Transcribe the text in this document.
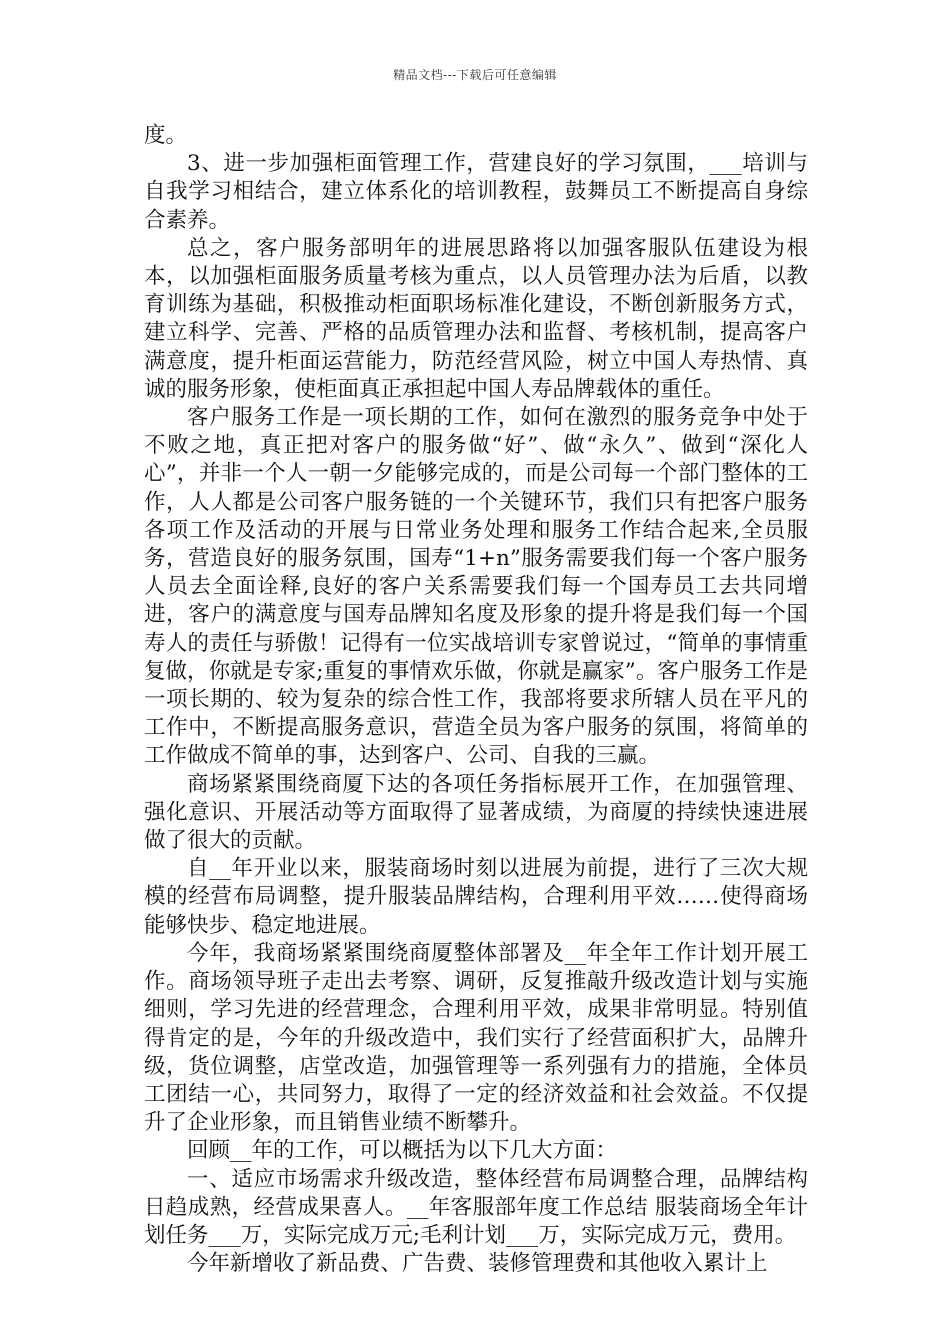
精品文档---下载后可任意编辑

度。

3、进一步加强柜面管理工作，营建良好的学习氛围，___培训与自我学习相结合，建立体系化的培训教程，鼓舞员工不断提高自身综合素养。

总之，客户服务部明年的进展思路将以加强客服队伍建设为根本，以加强柜面服务质量考核为重点，以人员管理办法为后盾，以教育训练为基础，积极推动柜面职场标准化建设，不断创新服务方式，建立科学、完善、严格的品质管理办法和监督、考核机制，提高客户满意度，提升柜面运营能力，防范经营风险，树立中国人寿热情、真诚的服务形象，使柜面真正承担起中国人寿品牌载体的重任。

客户服务工作是一项长期的工作，如何在激烈的服务竞争中处于不败之地，真正把对客户的服务做“好”、做“永久”、做到“深化人心”，并非一个人一朝一夕能够完成的，而是公司每一个部门整体的工作，人人都是公司客户服务链的一个关键环节，我们只有把客户服务各项工作及活动的开展与日常业务处理和服务工作结合起来,全员服务，营造良好的服务氛围，国寿“1+n”服务需要我们每一个客户服务人员去全面诠释,良好的客户关系需要我们每一个国寿员工去共同增进，客户的满意度与国寿品牌知名度及形象的提升将是我们每一个国寿人的责任与骄傲！记得有一位实战培训专家曾说过，“简单的事情重复做，你就是专家;重复的事情欢乐做，你就是赢家”。客户服务工作是一项长期的、较为复杂的综合性工作，我部将要求所辖人员在平凡的工作中，不断提高服务意识，营造全员为客户服务的氛围，将简单的工作做成不简单的事，达到客户、公司、自我的三赢。

商场紧紧围绕商厦下达的各项任务指标展开工作，在加强管理、强化意识、开展活动等方面取得了显著成绩，为商厦的持续快速进展做了很大的贡献。

自__年开业以来，服装商场时刻以进展为前提，进行了三次大规模的经营布局调整，提升服装品牌结构，合理利用平效……使得商场能够快步、稳定地进展。

今年，我商场紧紧围绕商厦整体部署及__年全年工作计划开展工作。商场领导班子走出去考察、调研，反复推敲升级改造计划与实施细则，学习先进的经营理念，合理利用平效，成果非常明显。特别值得肯定的是，今年的升级改造中，我们实行了经营面积扩大，品牌升级，货位调整，店堂改造，加强管理等一系列强有力的措施，全体员工团结一心，共同努力，取得了一定的经济效益和社会效益。不仅提升了企业形象，而且销售业绩不断攀升。

回顾__年的工作，可以概括为以下几大方面：

一、适应市场需求升级改造，整体经营布局调整合理，品牌结构日趋成熟，经营成果喜人。__年客服部年度工作总结 服装商场全年计划任务___万，实际完成万元;毛利计划___万，实际完成万元，费用。

今年新增收了新品费、广告费、装修管理费和其他收入累计上
